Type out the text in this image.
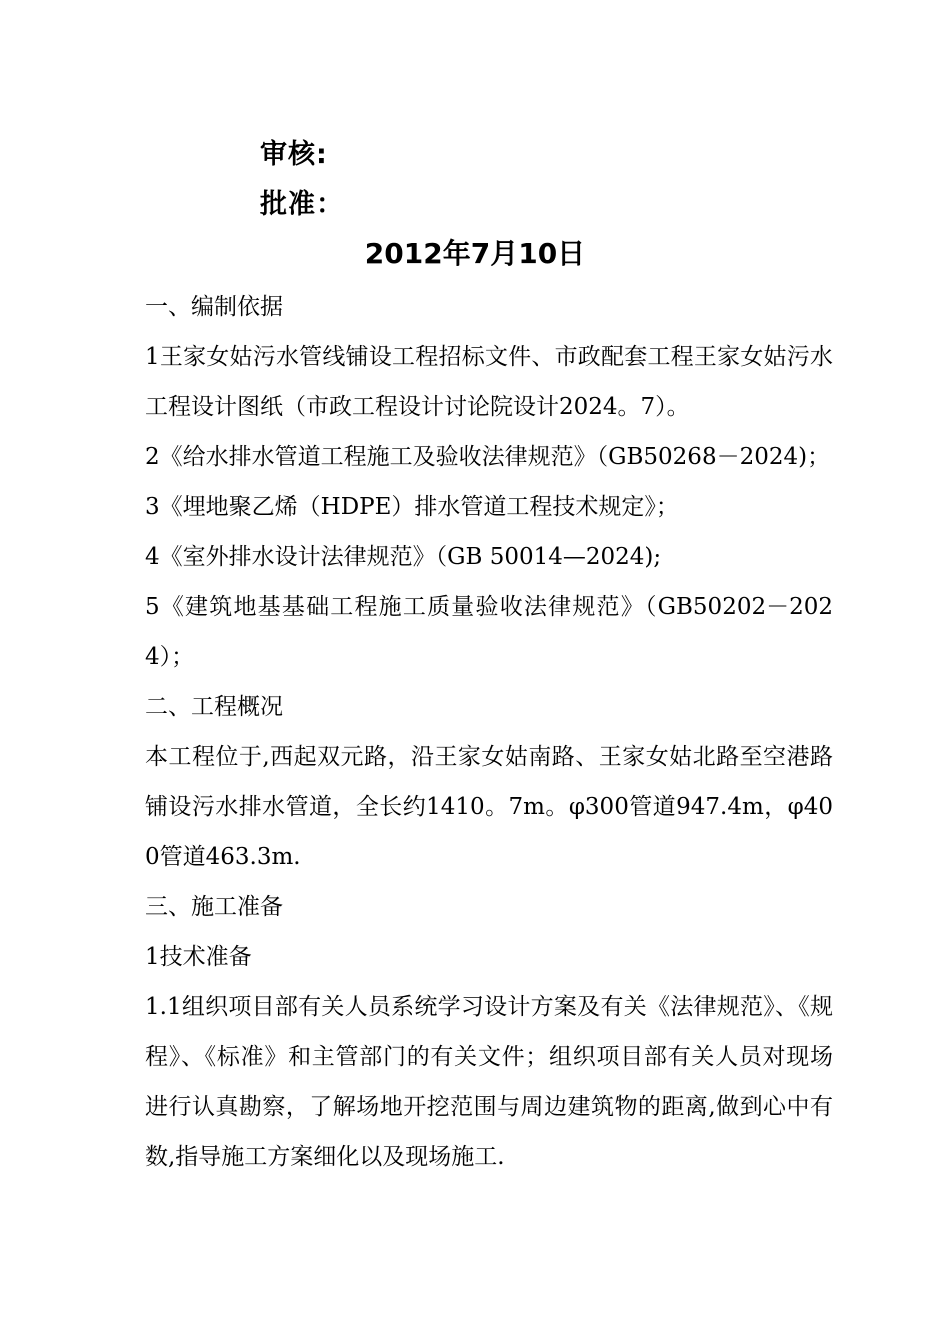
审核:
批准：
2012年7月10日

一、编制依据

1王家女姑污水管线铺设工程招标文件、市政配套工程王家女姑污水工程设计图纸（市政工程设计讨论院设计2024。7）。

2《给水排水管道工程施工及验收法律规范》（GB50268－2024)；

3《埋地聚乙烯（HDPE）排水管道工程技术规定》；

4《室外排水设计法律规范》（GB 50014—2024);

5《建筑地基基础工程施工质量验收法律规范》（GB50202－2024）；

二、工程概况

本工程位于,西起双元路，沿王家女姑南路、王家女姑北路至空港路铺设污水排水管道，全长约1410。7m。φ300管道947.4m，φ400管道463.3m.

三、施工准备

1技术准备

1.1组织项目部有关人员系统学习设计方案及有关《法律规范》、《规程》、《标准》和主管部门的有关文件；组织项目部有关人员对现场进行认真勘察，了解场地开挖范围与周边建筑物的距离,做到心中有数,指导施工方案细化以及现场施工.
